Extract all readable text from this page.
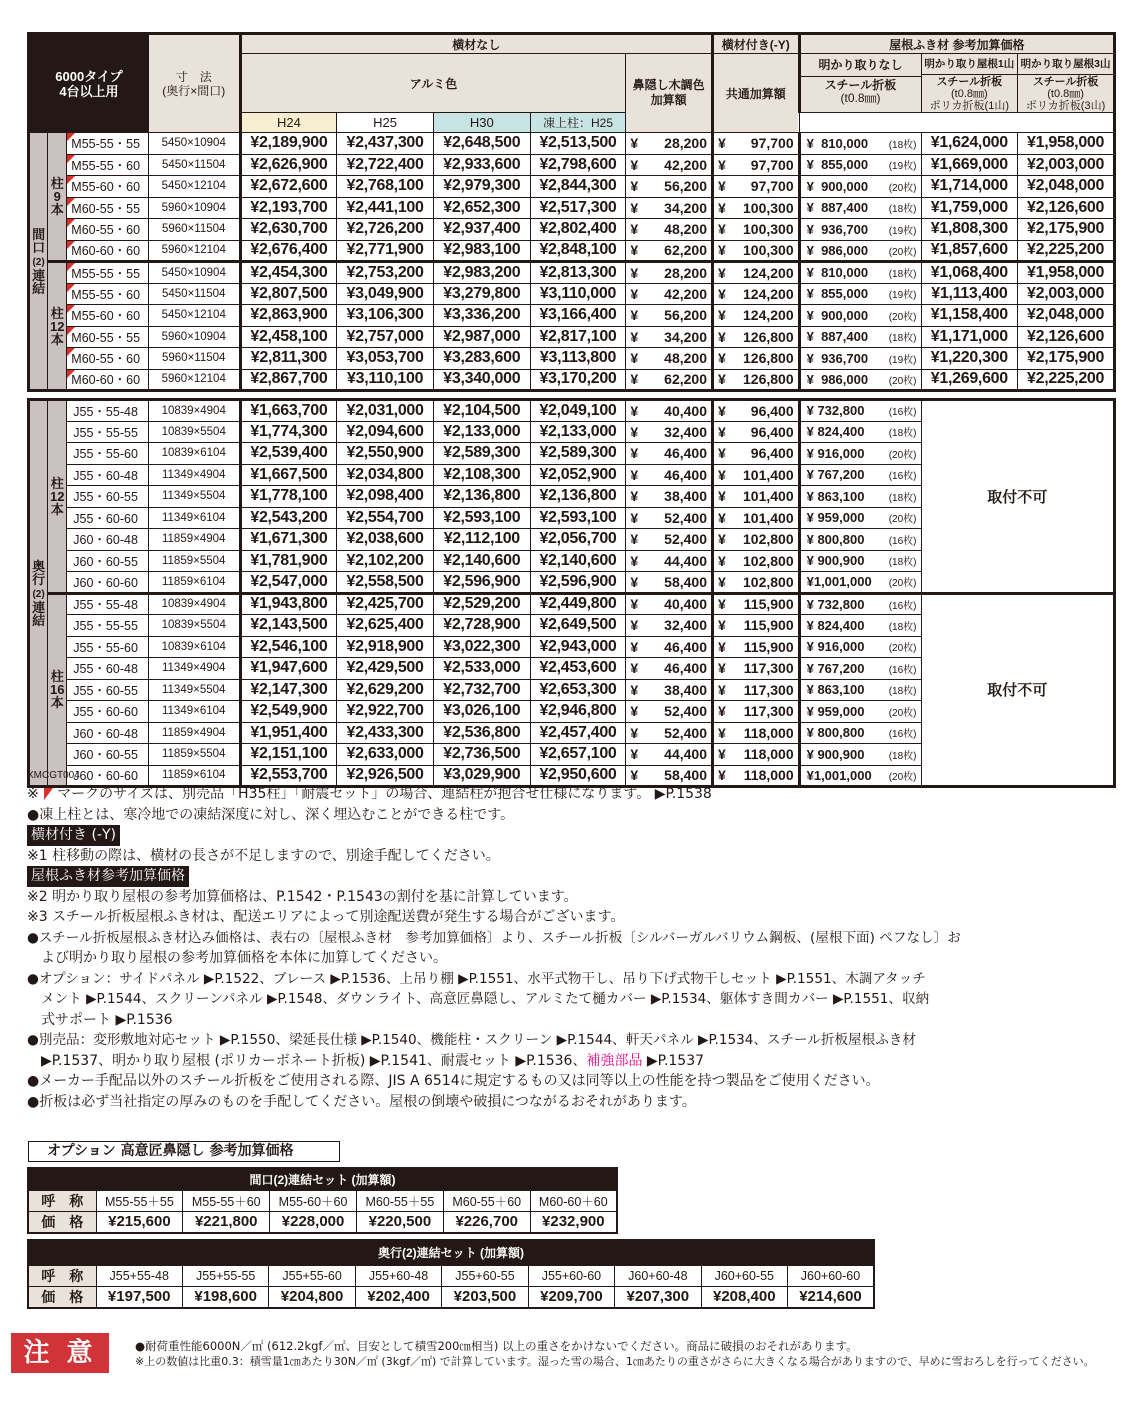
6000タイプ
4台以上用

寸　法
(奥行×間口)
	横材なし	横材付き(-Y)	屋根ふき材 参考加算価格
アルミ色	鼻隠し木調色
加算額	共通加算額	
明かり取りなし
スチール折板
(t0.8㎜)

明かり取り屋根1山
スチール折板
(t0.8㎜)
ポリカ折板(1山)

明かり取り屋根3山
スチール折板
(t0.8㎜)
ポリカ折板(3山)

				H24	H25	H30	凍上柱：H25					
間
口
(2)
連
結	柱
9
本	M55-55・55	5450×10904	¥2,189,900	¥2,437,300	¥2,648,500	¥2,513,500	¥ 28,200	¥ 97,700	¥ 810,000 (18枚)	¥1,624,000	¥1,958,000
		M55-55・60	5450×11504	¥2,626,900	¥2,722,400	¥2,933,600	¥2,798,600	¥ 42,200	¥ 97,700	¥ 855,000 (19枚)	¥1,669,000	¥2,003,000
		M55-60・60	5450×12104	¥2,672,600	¥2,768,100	¥2,979,300	¥2,844,300	¥ 56,200	¥ 97,700	¥ 900,000 (20枚)	¥1,714,000	¥2,048,000
		M60-55・55	5960×10904	¥2,193,700	¥2,441,100	¥2,652,300	¥2,517,300	¥ 34,200	¥ 100,300	¥ 887,400 (18枚)	¥1,759,000	¥2,126,600
		M60-55・60	5960×11504	¥2,630,700	¥2,726,200	¥2,937,400	¥2,802,400	¥ 48,200	¥ 100,300	¥ 936,700 (19枚)	¥1,808,300	¥2,175,900
		M60-60・60	5960×12104	¥2,676,400	¥2,771,900	¥2,983,100	¥2,848,100	¥ 62,200	¥ 100,300	¥ 986,000 (20枚)	¥1,857,600	¥2,225,200
	柱
12
本	M55-55・55	5450×10904	¥2,454,300	¥2,753,200	¥2,983,200	¥2,813,300	¥ 28,200	¥ 124,200	¥ 810,000 (18枚)	¥1,068,400	¥1,958,000
		M55-55・60	5450×11504	¥2,807,500	¥3,049,900	¥3,279,800	¥3,110,000	¥ 42,200	¥ 124,200	¥ 855,000 (19枚)	¥1,113,400	¥2,003,000
		M55-60・60	5450×12104	¥2,863,900	¥3,106,300	¥3,336,200	¥3,166,400	¥ 56,200	¥ 124,200	¥ 900,000 (20枚)	¥1,158,400	¥2,048,000
		M60-55・55	5960×10904	¥2,458,100	¥2,757,000	¥2,987,000	¥2,817,100	¥ 34,200	¥ 126,800	¥ 887,400 (18枚)	¥1,171,000	¥2,126,600
		M60-55・60	5960×11504	¥2,811,300	¥3,053,700	¥3,283,600	¥3,113,800	¥ 48,200	¥ 126,800	¥ 936,700 (19枚)	¥1,220,300	¥2,175,900
		M60-60・60	5960×12104	¥2,867,700	¥3,110,100	¥3,340,000	¥3,170,200	¥ 62,200	¥ 126,800	¥ 986,000 (20枚)	¥1,269,600	¥2,225,200
奥
行
(2)
連
結	柱
12
本	J55・55-48	10839×4904	¥1,663,700	¥2,031,000	¥2,104,500	¥2,049,100	¥ 40,400	¥ 96,400	¥ 732,800 (16枚)	取付不可
		J55・55-55	10839×5504	¥1,774,300	¥2,094,600	¥2,133,000	¥2,133,000	¥ 32,400	¥ 96,400	¥ 824,400 (18枚)	

		J55・55-60	10839×6104	¥2,539,400	¥2,550,900	¥2,589,300	¥2,589,300	¥ 46,400	¥ 96,400	¥ 916,000 (20枚)	

		J55・60-48	11349×4904	¥1,667,500	¥2,034,800	¥2,108,300	¥2,052,900	¥ 46,400	¥ 101,400	¥ 767,200 (16枚)	

		J55・60-55	11349×5504	¥1,778,100	¥2,098,400	¥2,136,800	¥2,136,800	¥ 38,400	¥ 101,400	¥ 863,100 (18枚)	

		J55・60-60	11349×6104	¥2,543,200	¥2,554,700	¥2,593,100	¥2,593,100	¥ 52,400	¥ 101,400	¥ 959,000 (20枚)	

		J60・60-48	11859×4904	¥1,671,300	¥2,038,600	¥2,112,100	¥2,056,700	¥ 52,400	¥ 102,800	¥ 800,800 (16枚)	

		J60・60-55	11859×5504	¥1,781,900	¥2,102,200	¥2,140,600	¥2,140,600	¥ 44,400	¥ 102,800	¥ 900,900 (18枚)	

		J60・60-60	11859×6104	¥2,547,000	¥2,558,500	¥2,596,900	¥2,596,900	¥ 58,400	¥ 102,800	¥1,001,000 (20枚)	

	柱
16
本	J55・55-48	10839×4904	¥1,943,800	¥2,425,700	¥2,529,200	¥2,449,800	¥ 40,400	¥ 115,900	¥ 732,800 (16枚)	取付不可
		J55・55-55	10839×5504	¥2,143,500	¥2,625,400	¥2,728,900	¥2,649,500	¥ 32,400	¥ 115,900	¥ 824,400 (18枚)	

		J55・55-60	10839×6104	¥2,546,100	¥2,918,900	¥3,022,300	¥2,943,000	¥ 46,400	¥ 115,900	¥ 916,000 (20枚)	

		J55・60-48	11349×4904	¥1,947,600	¥2,429,500	¥2,533,000	¥2,453,600	¥ 46,400	¥ 117,300	¥ 767,200 (16枚)	

		J55・60-55	11349×5504	¥2,147,300	¥2,629,200	¥2,732,700	¥2,653,300	¥ 38,400	¥ 117,300	¥ 863,100 (18枚)	

		J55・60-60	11349×6104	¥2,549,900	¥2,922,700	¥3,026,100	¥2,946,800	¥ 52,400	¥ 117,300	¥ 959,000 (20枚)	

		J60・60-48	11859×4904	¥1,951,400	¥2,433,300	¥2,536,800	¥2,457,400	¥ 52,400	¥ 118,000	¥ 800,800 (16枚)	

		J60・60-55	11859×5504	¥2,151,100	¥2,633,000	¥2,736,500	¥2,657,100	¥ 44,400	¥ 118,000	¥ 900,900 (18枚)	

		J60・60-60	11859×6104	¥2,553,700	¥2,926,500	¥3,029,900	¥2,950,600	¥ 58,400	¥ 118,000	¥1,001,000 (20枚)	
XMCGT004
※　 マークのサイズは、別売品「H35柱」「耐震セット」の場合、連結柱が抱合せ仕様になります。 ▶P.1538
●凍上柱とは、寒冷地での凍結深度に対し、深く埋込むことができる柱です。
横材付き (-Y)
※1 柱移動の際は、横材の長さが不足しますので、別途手配してください。
屋根ふき材参考加算価格
※2 明かり取り屋根の参考加算価格は、P.1542・P.1543の割付を基に計算しています。
※3 スチール折板屋根ふき材は、配送エリアによって別途配送費が発生する場合がございます。
●スチール折板屋根ふき材込み価格は、表右の〔屋根ふき材　参考加算価格〕より、スチール折板〔シルバーガルバリウム鋼板、(屋根下面) ペフなし〕お
よび明かり取り屋根の参考加算価格を本体に加算してください。
●オプション：サイドパネル ▶P.1522、ブレース ▶P.1536、上吊り棚 ▶P.1551、水平式物干し、吊り下げ式物干しセット ▶P.1551、木調アタッチ
メント ▶P.1544、スクリーンパネル ▶P.1548、ダウンライト、高意匠鼻隠し、アルミたて樋カバー ▶P.1534、躯体すき間カバー ▶P.1551、収納
式サポート ▶P.1536
●別売品：変形敷地対応セット ▶P.1550、梁延長仕様 ▶P.1540、機能柱・スクリーン ▶P.1544、軒天パネル ▶P.1534、スチール折板屋根ふき材
▶P.1537、明かり取り屋根 (ポリカーボネート折板) ▶P.1541、耐震セット ▶P.1536、補強部品 ▶P.1537
●メーカー手配品以外のスチール折板をご使用される際、JIS A 6514に規定するもの又は同等以上の性能を持つ製品をご使用ください。
●折板は必ず当社指定の厚みのものを手配してください。屋根の倒壊や破損につながるおそれがあります。
オプション 高意匠鼻隠し 参考加算価格
間口(2)連結セット (加算額)						
呼　称	M55-55＋55	M55-55＋60	M55-60＋60	M60-55＋55	M60-55＋60	M60-60＋60
価　格	¥215,600	¥221,800	¥228,000	¥220,500	¥226,700	¥232,900
奥行(2)連結セット (加算額)									
呼　称	J55+55-48	J55+55-55	J55+55-60	J55+60-48	J55+60-55	J55+60-60	J60+60-48	J60+60-55	J60+60-60
価　格	¥197,500	¥198,600	¥204,800	¥202,400	¥203,500	¥209,700	¥207,300	¥208,400	¥214,600
注 意	●耐荷重性能6000N／㎡ (612.2kgf／㎡、目安として積雪200㎝相当) 以上の重さをかけないでください。商品に破損のおそれがあります。
※上の数値は比重0.3：積雪量1㎝あたり30N／㎡ (3kgf／㎡) で計算しています。湿った雪の場合、1㎝あたりの重さがさらに大きくなる場合がありますので、早めに雪おろしを行ってください。
